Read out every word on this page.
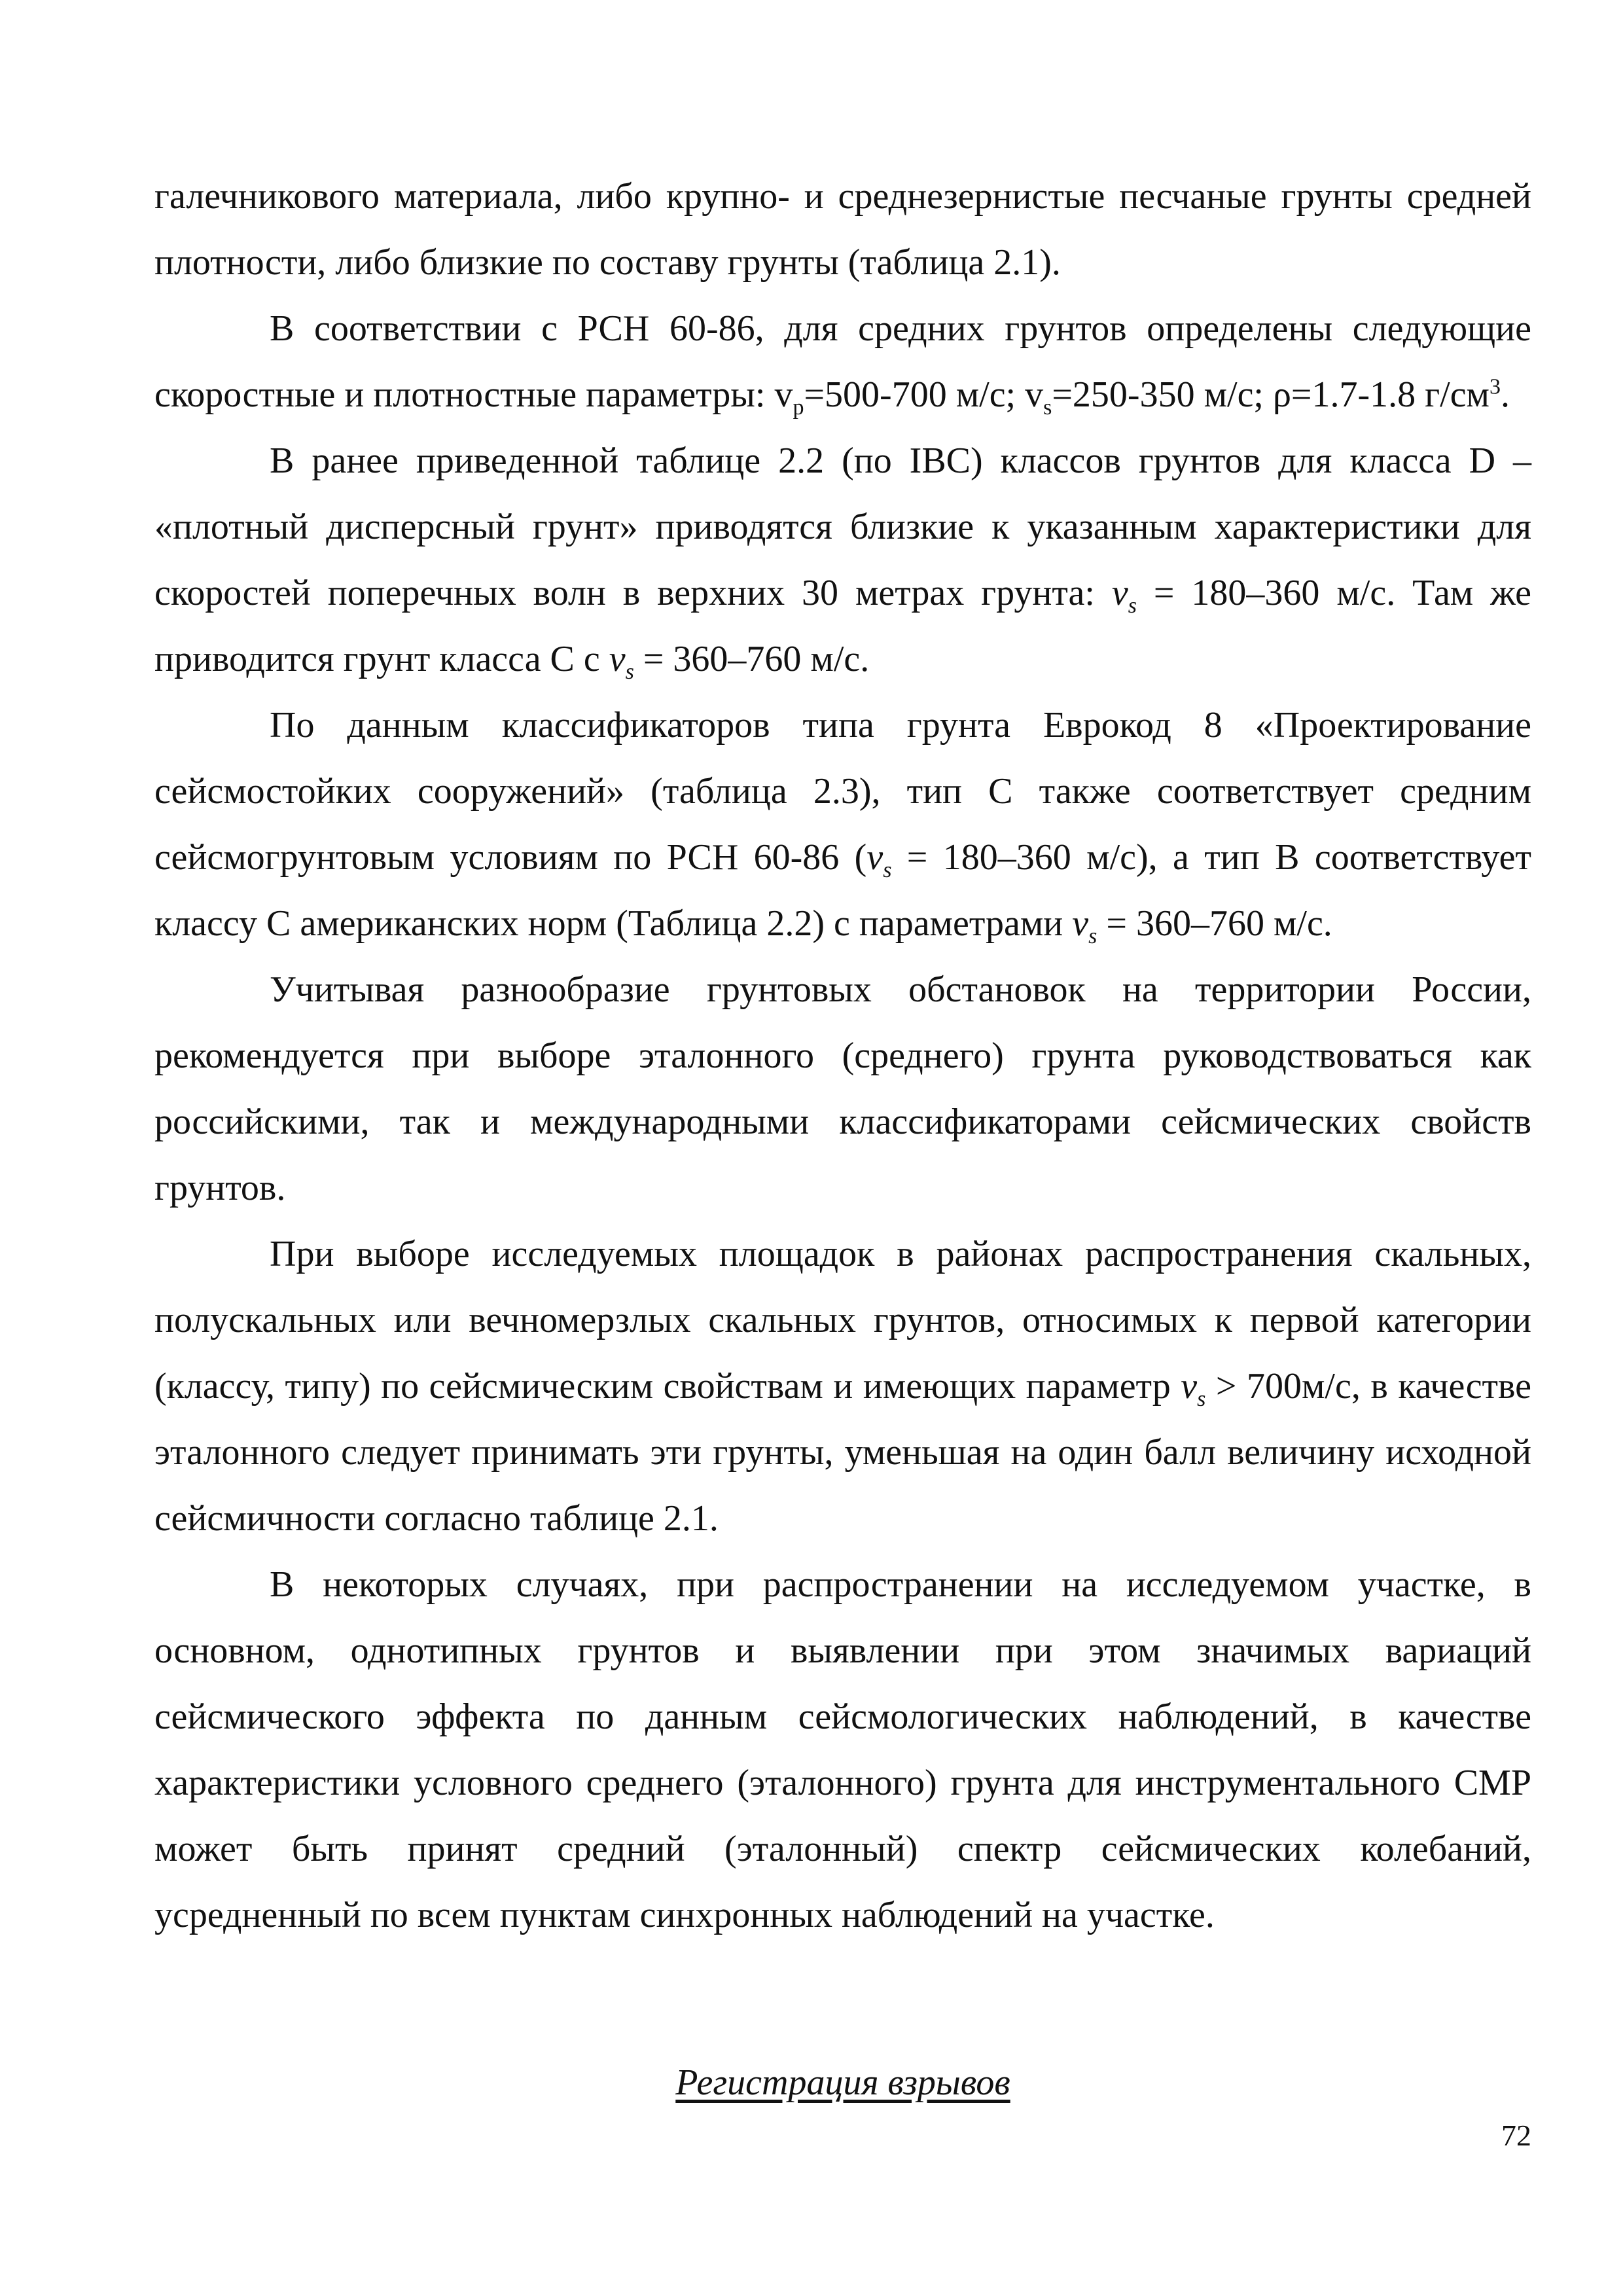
галечникового материала, либо крупно- и среднезернистые песчаные грунты средней плотности, либо близкие по составу грунты (таблица 2.1).

В соответствии с РСН 60-86, для средних грунтов определены следующие скоростные и плотностные параметры: $v_p=500-700$ м/с; $v_s=250-350$ м/с; ρ=1.7-1.8 $г/см^3$.

В ранее приведенной таблице 2.2 (по IBC) классов грунтов для класса D – «плотный дисперсный грунт» приводятся близкие к указанным характеристики для скоростей поперечных волн в верхних 30 метрах грунта: $v_s = 180-360$ м/с. Там же приводится грунт класса С с $v_s = 360-760$ м/с.

По данным классификаторов типа грунта Еврокод 8 «Проектирование сейсмостойких сооружений» (таблица 2.3), тип С также соответствует средним сейсмогрунтовым условиям по РСН 60-86 ($v_s = 180-360$ м/с), а тип В соответствует классу С американских норм (Таблица 2.2) с параметрами $v_s = 360-760$ м/с.

Учитывая разнообразие грунтовых обстановок на территории России, рекомендуется при выборе эталонного (среднего) грунта руководствоваться как российскими, так и международными классификаторами сейсмических свойств грунтов.

При выборе исследуемых площадок в районах распространения скальных, полускальных или вечномерзлых скальных грунтов, относимых к первой категории (классу, типу) по сейсмическим свойствам и имеющих параметр $v_s > 700м/с$, в качестве эталонного следует принимать эти грунты, уменьшая на один балл величину исходной сейсмичности согласно таблице 2.1.

В некоторых случаях, при распространении на исследуемом участке, в основном, однотипных грунтов и выявлении при этом значимых вариаций сейсмического эффекта по данным сейсмологических наблюдений, в качестве характеристики условного среднего (эталонного) грунта для инструментального СМР может быть принят средний (эталонный) спектр сейсмических колебаний, усредненный по всем пунктам синхронных наблюдений на участке.

Регистрация взрывов
72
